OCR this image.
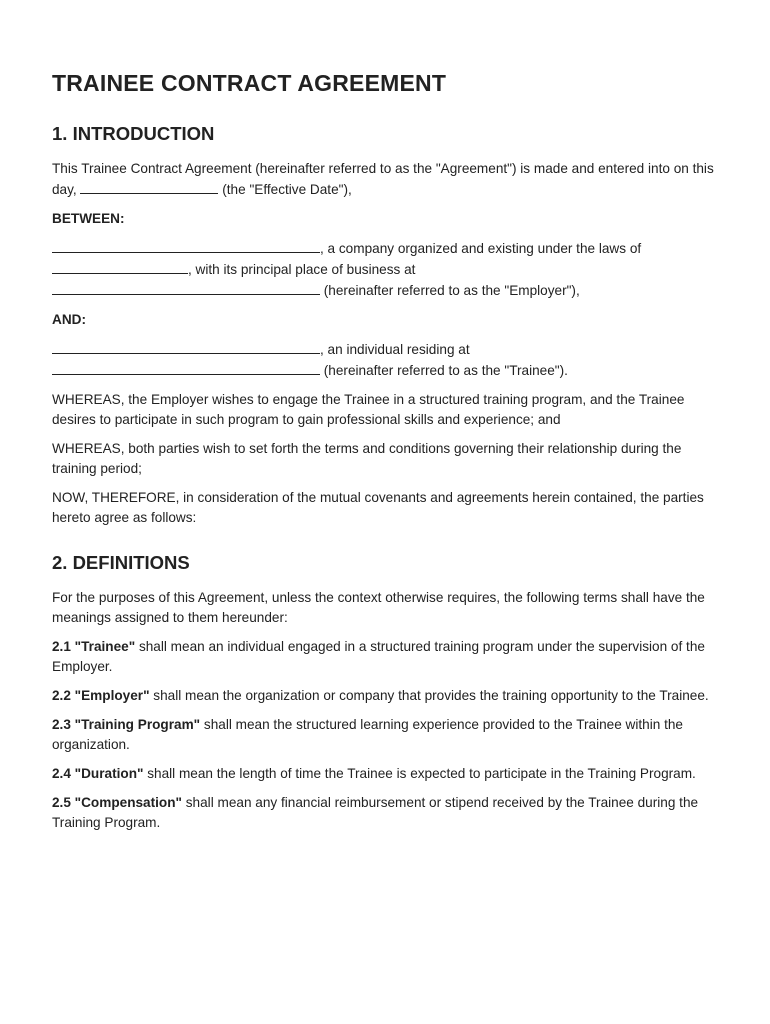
TRAINEE CONTRACT AGREEMENT
1. INTRODUCTION

This Trainee Contract Agreement (hereinafter referred to as the "Agreement") is made and entered into on this day,	(the "Effective Date"),

BETWEEN:

, a company organized and existing under the laws of
, with its principal place of business at
(hereinafter referred to as the "Employer"),

AND:

, an individual residing at
(hereinafter referred to as the "Trainee").

WHEREAS, the Employer wishes to engage the Trainee in a structured training program, and the Trainee desires to participate in such program to gain professional skills and experience; and

WHEREAS, both parties wish to set forth the terms and conditions governing their relationship during the training period;

NOW, THEREFORE, in consideration of the mutual covenants and agreements herein contained, the parties hereto agree as follows:

2. DEFINITIONS

For the purposes of this Agreement, unless the context otherwise requires, the following terms shall have the meanings assigned to them hereunder:

2.1 "Trainee" shall mean an individual engaged in a structured training program under the supervision of the Employer.

2.2 "Employer" shall mean the organization or company that provides the training opportunity to the Trainee.

2.3 "Training Program" shall mean the structured learning experience provided to the Trainee within the organization.

2.4 "Duration" shall mean the length of time the Trainee is expected to participate in the Training Program.

2.5 "Compensation" shall mean any financial reimbursement or stipend received by the Trainee during the Training Program.
